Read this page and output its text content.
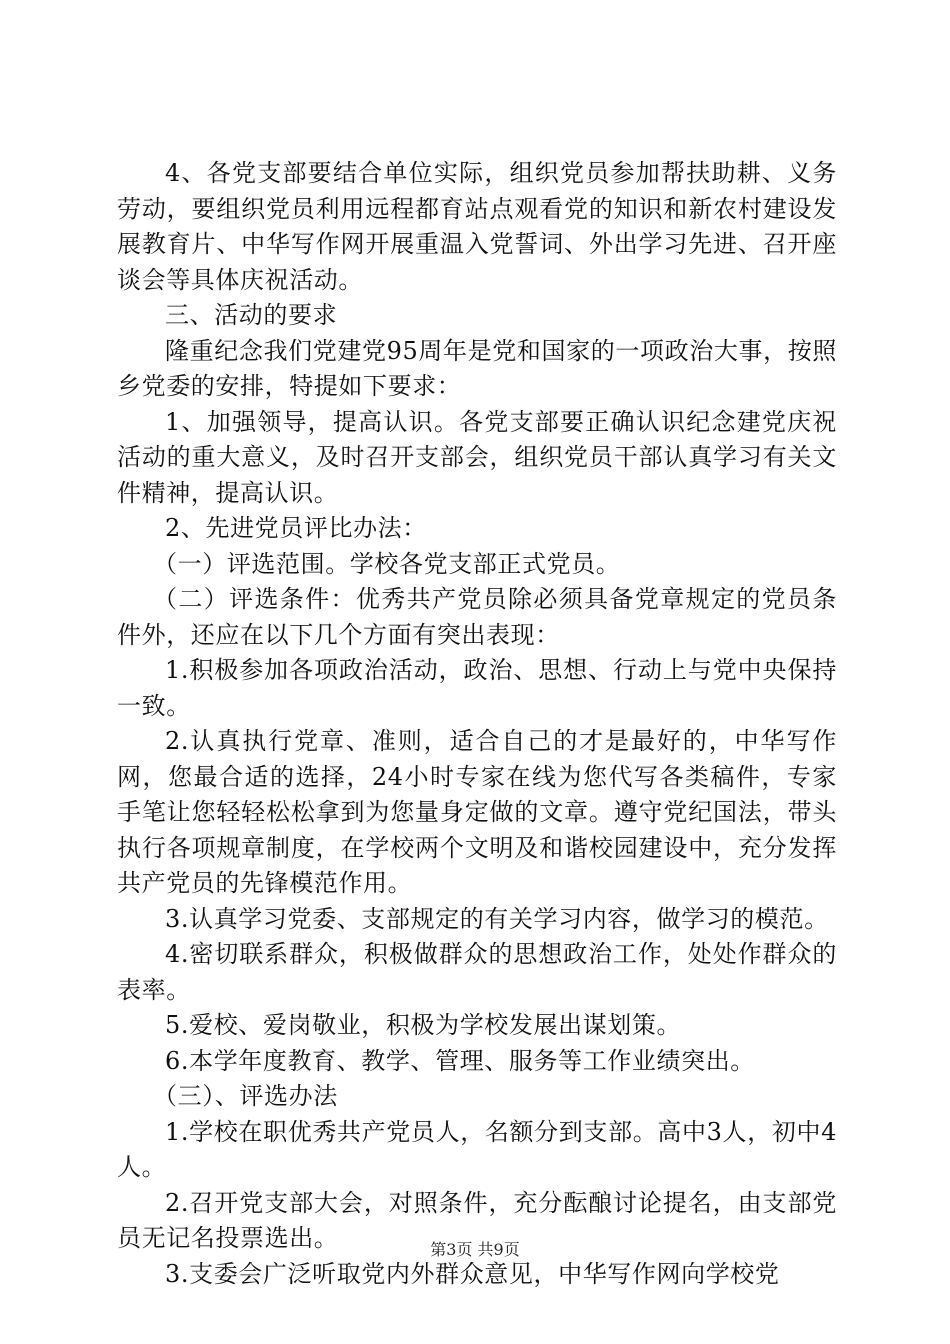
4、各党支部要结合单位实际，组织党员参加帮扶助耕、义务劳动，要组织党员利用远程都育站点观看党的知识和新农村建设发展教育片、中华写作网开展重温入党誓词、外出学习先进、召开座谈会等具体庆祝活动。

三、活动的要求

隆重纪念我们党建党95周年是党和国家的一项政治大事，按照乡党委的安排，特提如下要求：

1、加强领导，提高认识。各党支部要正确认识纪念建党庆祝活动的重大意义，及时召开支部会，组织党员干部认真学习有关文件精神，提高认识。

2、先进党员评比办法：

（一）评选范围。学校各党支部正式党员。

（二）评选条件：优秀共产党员除必须具备党章规定的党员条件外，还应在以下几个方面有突出表现：

1.积极参加各项政治活动，政治、思想、行动上与党中央保持一致。

2.认真执行党章、准则，适合自己的才是最好的，中华写作网，您最合适的选择，24小时专家在线为您代写各类稿件，专家手笔让您轻轻松松拿到为您量身定做的文章。遵守党纪国法，带头执行各项规章制度，在学校两个文明及和谐校园建设中，充分发挥共产党员的先锋模范作用。

3.认真学习党委、支部规定的有关学习内容，做学习的模范。

4.密切联系群众，积极做群众的思想政治工作，处处作群众的表率。

5.爱校、爱岗敬业，积极为学校发展出谋划策。

6.本学年度教育、教学、管理、服务等工作业绩突出。

（三）、评选办法

1.学校在职优秀共产党员人，名额分到支部。高中3人，初中4人。

2.召开党支部大会，对照条件，充分酝酿讨论提名，由支部党员无记名投票选出。

3.支委会广泛听取党内外群众意见，中华写作网向学校党

第3页 共9页
